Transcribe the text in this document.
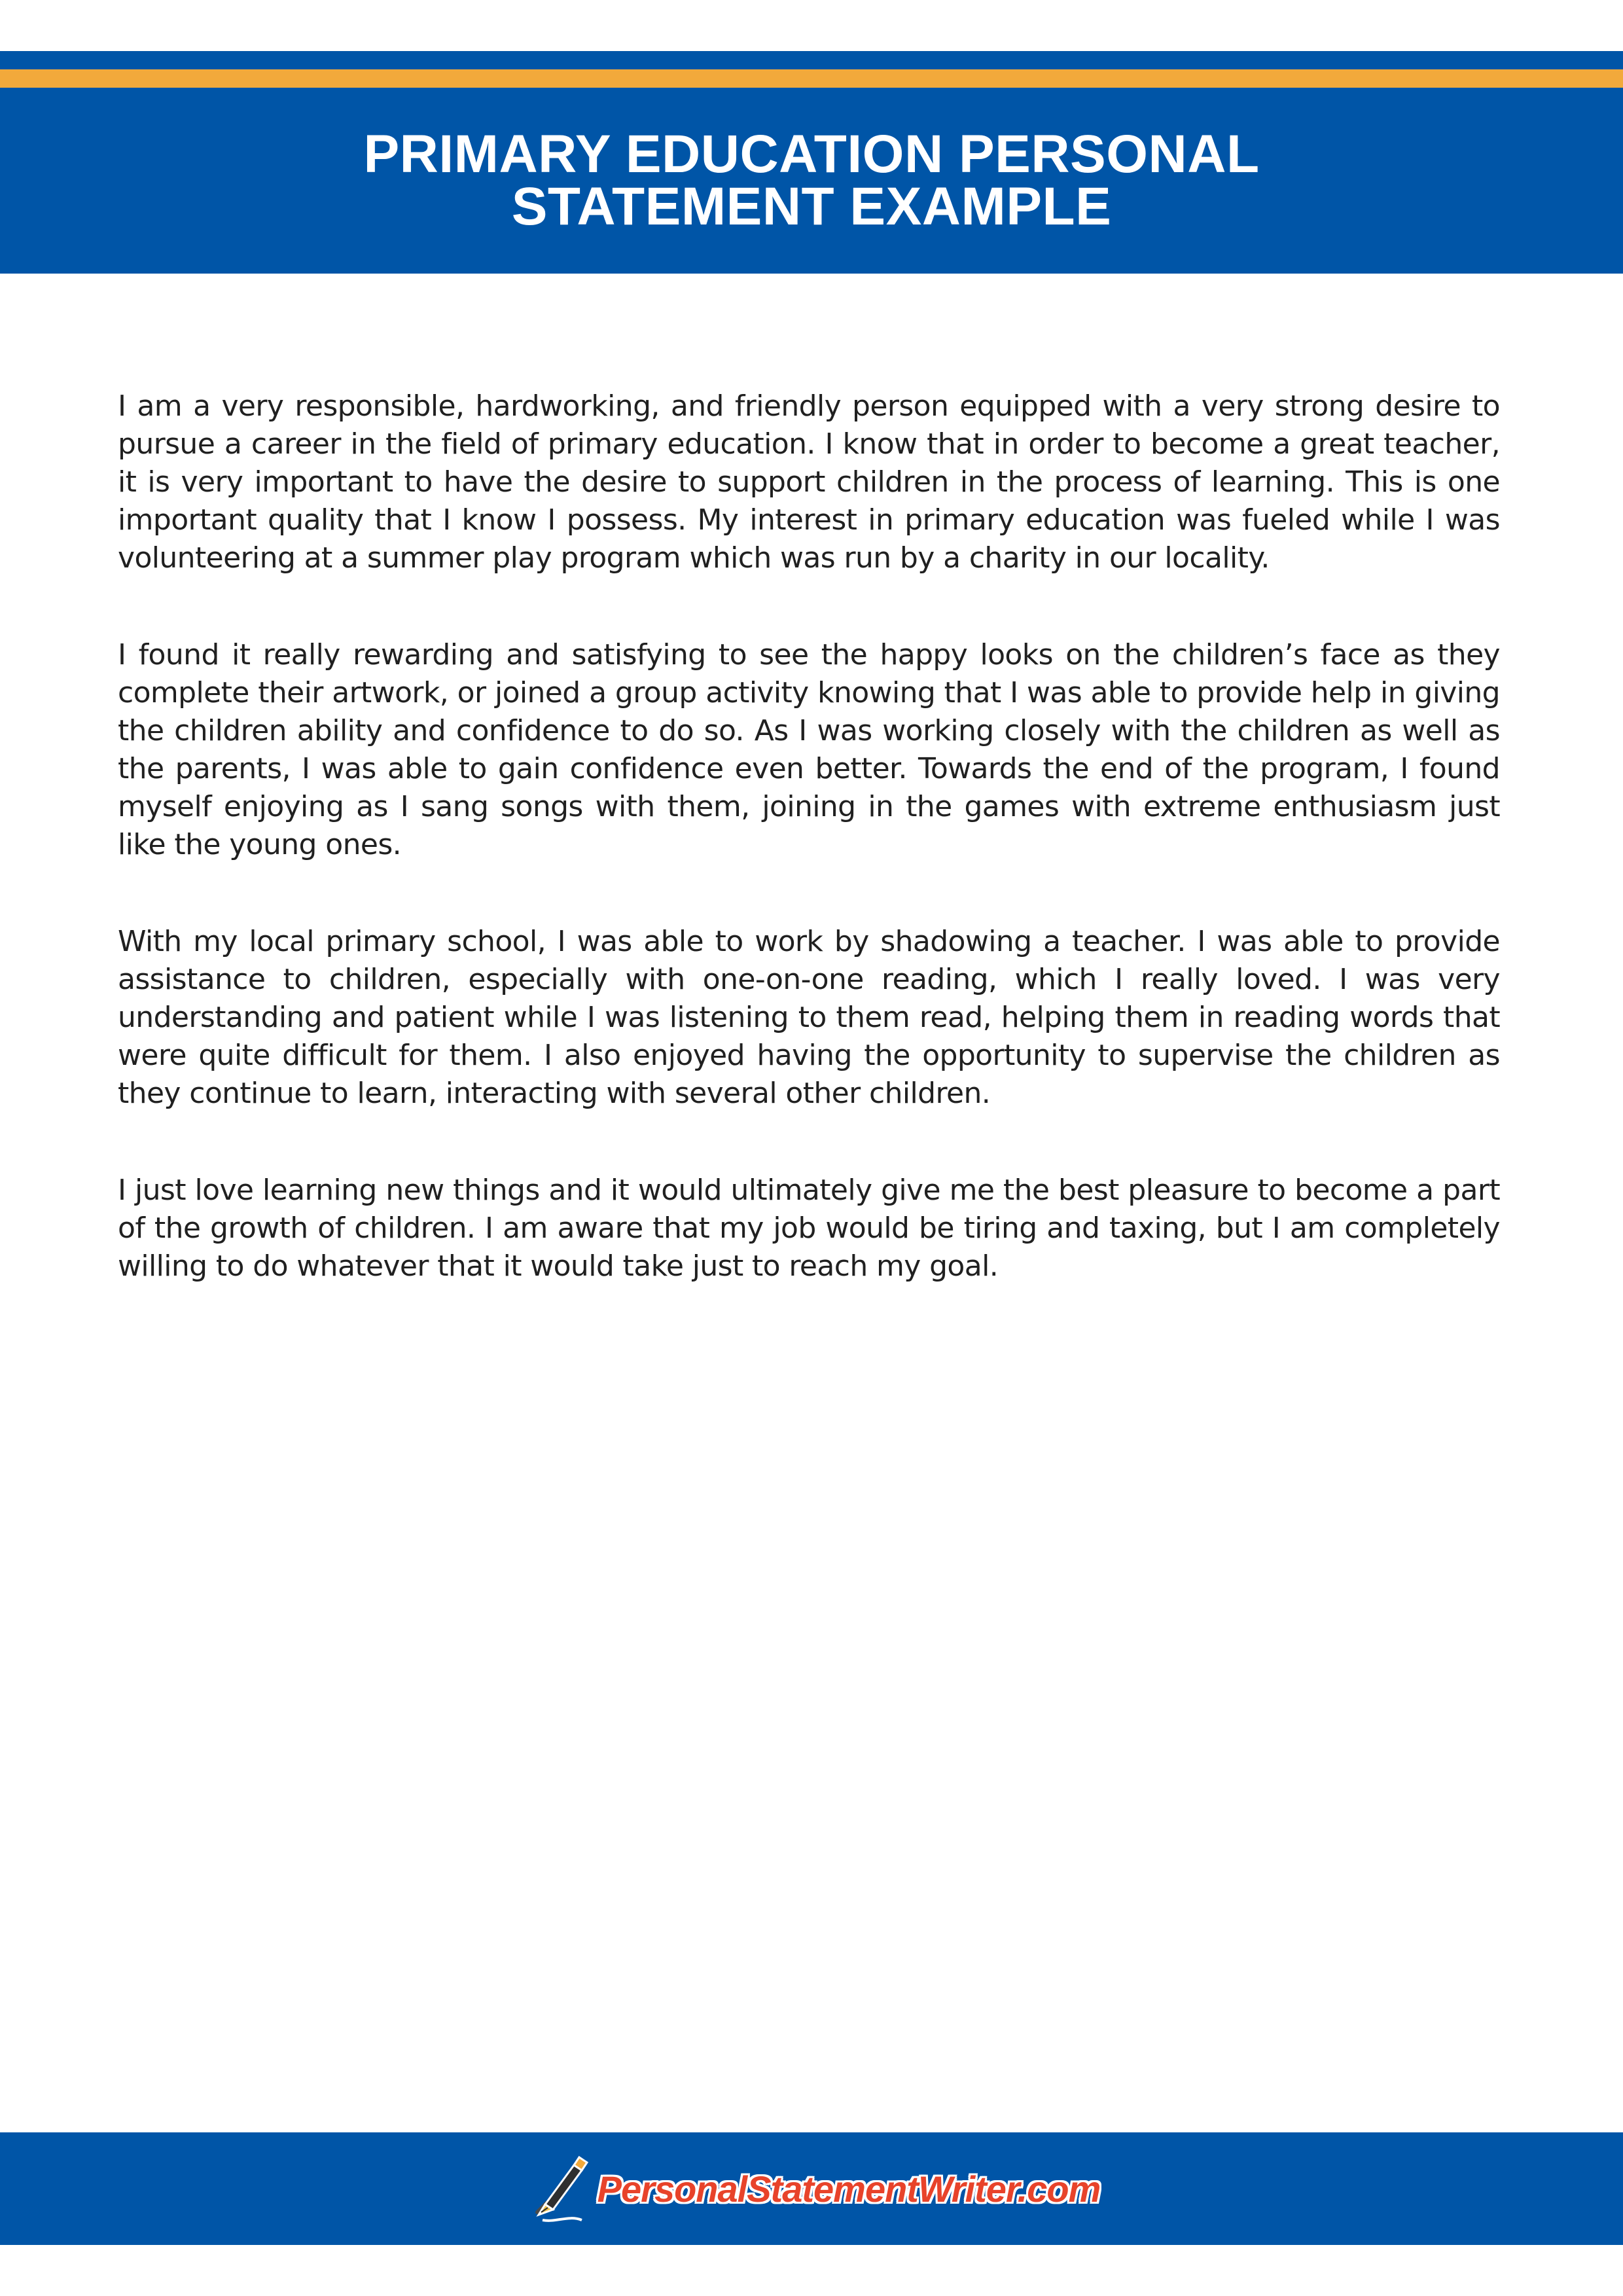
PRIMARY EDUCATION PERSONAL
STATEMENT EXAMPLE

I am a very responsible, hardworking, and friendly person equipped with a very strong desire to pursue a career in the field of primary education. I know that in order to become a great teacher, it is very important to have the desire to support children in the process of learning. This is one important quality that I know I possess. My interest in primary education was fueled while I was volunteering at a summer play program which was run by a charity in our locality.

I found it really rewarding and satisfying to see the happy looks on the children’s face as they complete their artwork, or joined a group activity knowing that I was able to provide help in giving the children ability and confidence to do so. As I was working closely with the children as well as the parents, I was able to gain confidence even better. Towards the end of the program, I found myself enjoying as I sang songs with them, joining in the games with extreme enthusiasm just like the young ones.

With my local primary school, I was able to work by shadowing a teacher. I was able to provide assistance to children, especially with one-on-one reading, which I really loved. I was very understanding and patient while I was listening to them read, helping them in reading words that were quite difficult for them. I also enjoyed having the opportunity to supervise the children as they continue to learn, interacting with several other children.

I just love learning new things and it would ultimately give me the best pleasure to become a part of the growth of children. I am aware that my job would be tiring and taxing, but I am completely willing to do whatever that it would take just to reach my goal.

PersonalStatementWriter.com
